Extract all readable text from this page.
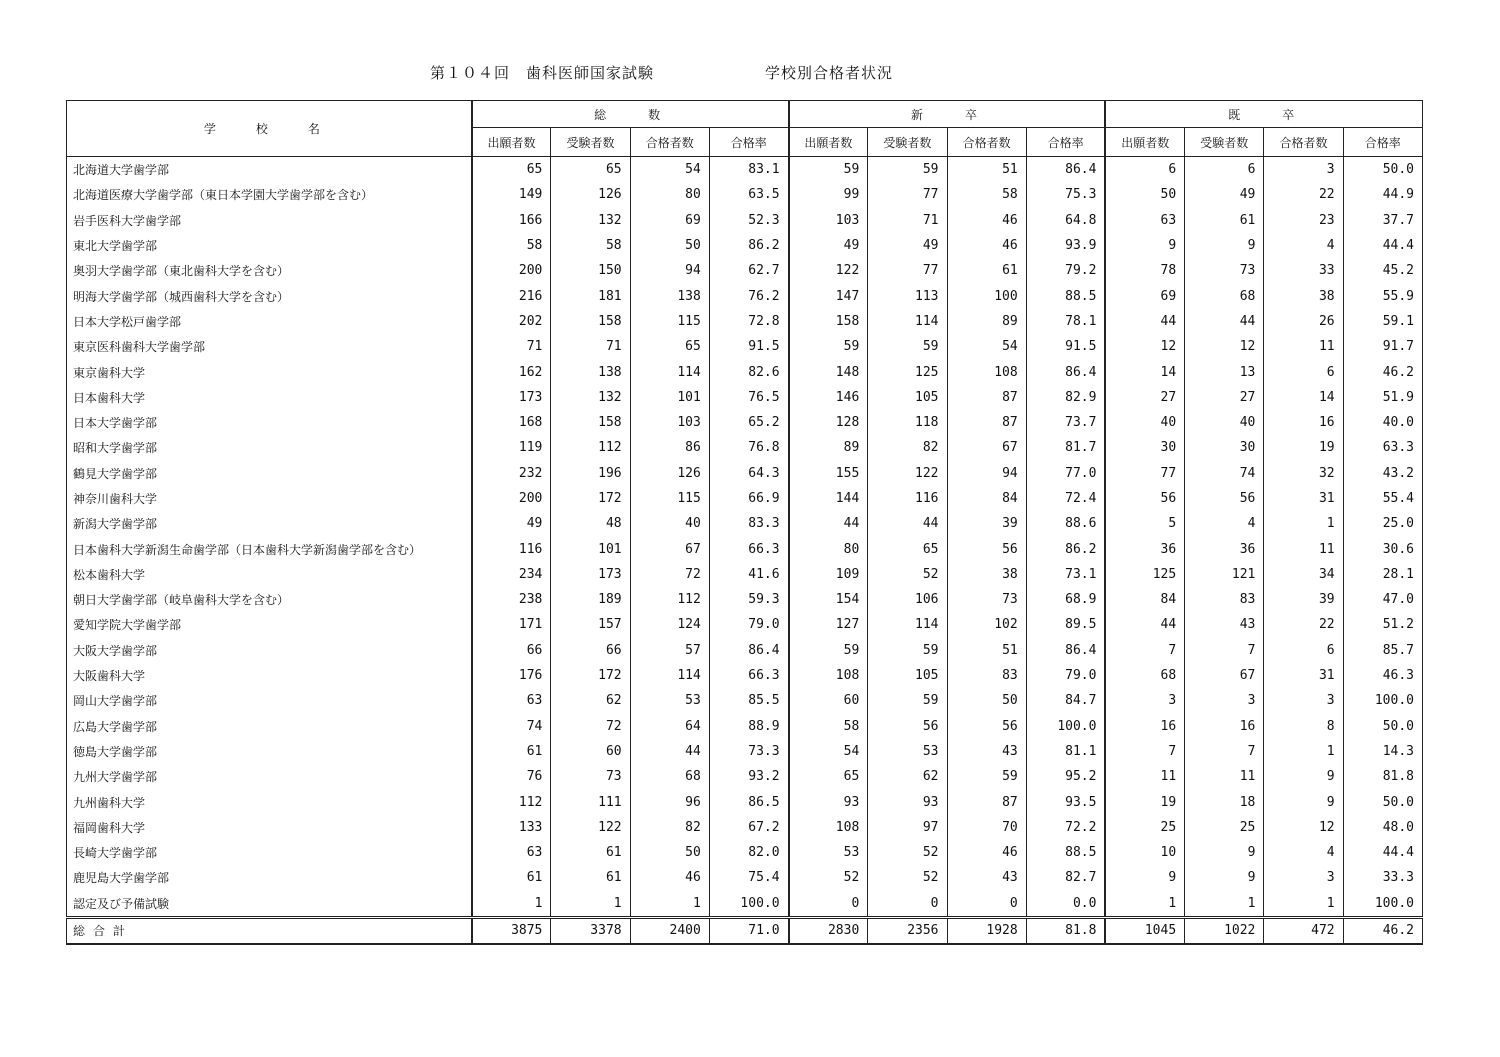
第１０４回　歯科医師国家試験	学校別合格者状況
学　校　名	総　　数				新　　卒				既　　卒			
	出願者数	受験者数	合格者数	合格率	出願者数	受験者数	合格者数	合格率	出願者数	受験者数	合格者数	合格率
北海道大学歯学部	65	65	54	83.1	59	59	51	86.4	6	6	3	50.0
北海道医療大学歯学部（東日本学園大学歯学部を含む）	149	126	80	63.5	99	77	58	75.3	50	49	22	44.9
岩手医科大学歯学部	166	132	69	52.3	103	71	46	64.8	63	61	23	37.7
東北大学歯学部	58	58	50	86.2	49	49	46	93.9	9	9	4	44.4
奥羽大学歯学部（東北歯科大学を含む）	200	150	94	62.7	122	77	61	79.2	78	73	33	45.2
明海大学歯学部（城西歯科大学を含む）	216	181	138	76.2	147	113	100	88.5	69	68	38	55.9
日本大学松戸歯学部	202	158	115	72.8	158	114	89	78.1	44	44	26	59.1
東京医科歯科大学歯学部	71	71	65	91.5	59	59	54	91.5	12	12	11	91.7
東京歯科大学	162	138	114	82.6	148	125	108	86.4	14	13	6	46.2
日本歯科大学	173	132	101	76.5	146	105	87	82.9	27	27	14	51.9
日本大学歯学部	168	158	103	65.2	128	118	87	73.7	40	40	16	40.0
昭和大学歯学部	119	112	86	76.8	89	82	67	81.7	30	30	19	63.3
鶴見大学歯学部	232	196	126	64.3	155	122	94	77.0	77	74	32	43.2
神奈川歯科大学	200	172	115	66.9	144	116	84	72.4	56	56	31	55.4
新潟大学歯学部	49	48	40	83.3	44	44	39	88.6	5	4	1	25.0
日本歯科大学新潟生命歯学部（日本歯科大学新潟歯学部を含む）	116	101	67	66.3	80	65	56	86.2	36	36	11	30.6
松本歯科大学	234	173	72	41.6	109	52	38	73.1	125	121	34	28.1
朝日大学歯学部（岐阜歯科大学を含む）	238	189	112	59.3	154	106	73	68.9	84	83	39	47.0
愛知学院大学歯学部	171	157	124	79.0	127	114	102	89.5	44	43	22	51.2
大阪大学歯学部	66	66	57	86.4	59	59	51	86.4	7	7	6	85.7
大阪歯科大学	176	172	114	66.3	108	105	83	79.0	68	67	31	46.3
岡山大学歯学部	63	62	53	85.5	60	59	50	84.7	3	3	3	100.0
広島大学歯学部	74	72	64	88.9	58	56	56	100.0	16	16	8	50.0
徳島大学歯学部	61	60	44	73.3	54	53	43	81.1	7	7	1	14.3
九州大学歯学部	76	73	68	93.2	65	62	59	95.2	11	11	9	81.8
九州歯科大学	112	111	96	86.5	93	93	87	93.5	19	18	9	50.0
福岡歯科大学	133	122	82	67.2	108	97	70	72.2	25	25	12	48.0
長崎大学歯学部	63	61	50	82.0	53	52	46	88.5	10	9	4	44.4
鹿児島大学歯学部	61	61	46	75.4	52	52	43	82.7	9	9	3	33.3
認定及び予備試験	1	1	1	100.0	0	0	0	0.0	1	1	1	100.0
総合計	3875	3378	2400	71.0	2830	2356	1928	81.8	1045	1022	472	46.2
